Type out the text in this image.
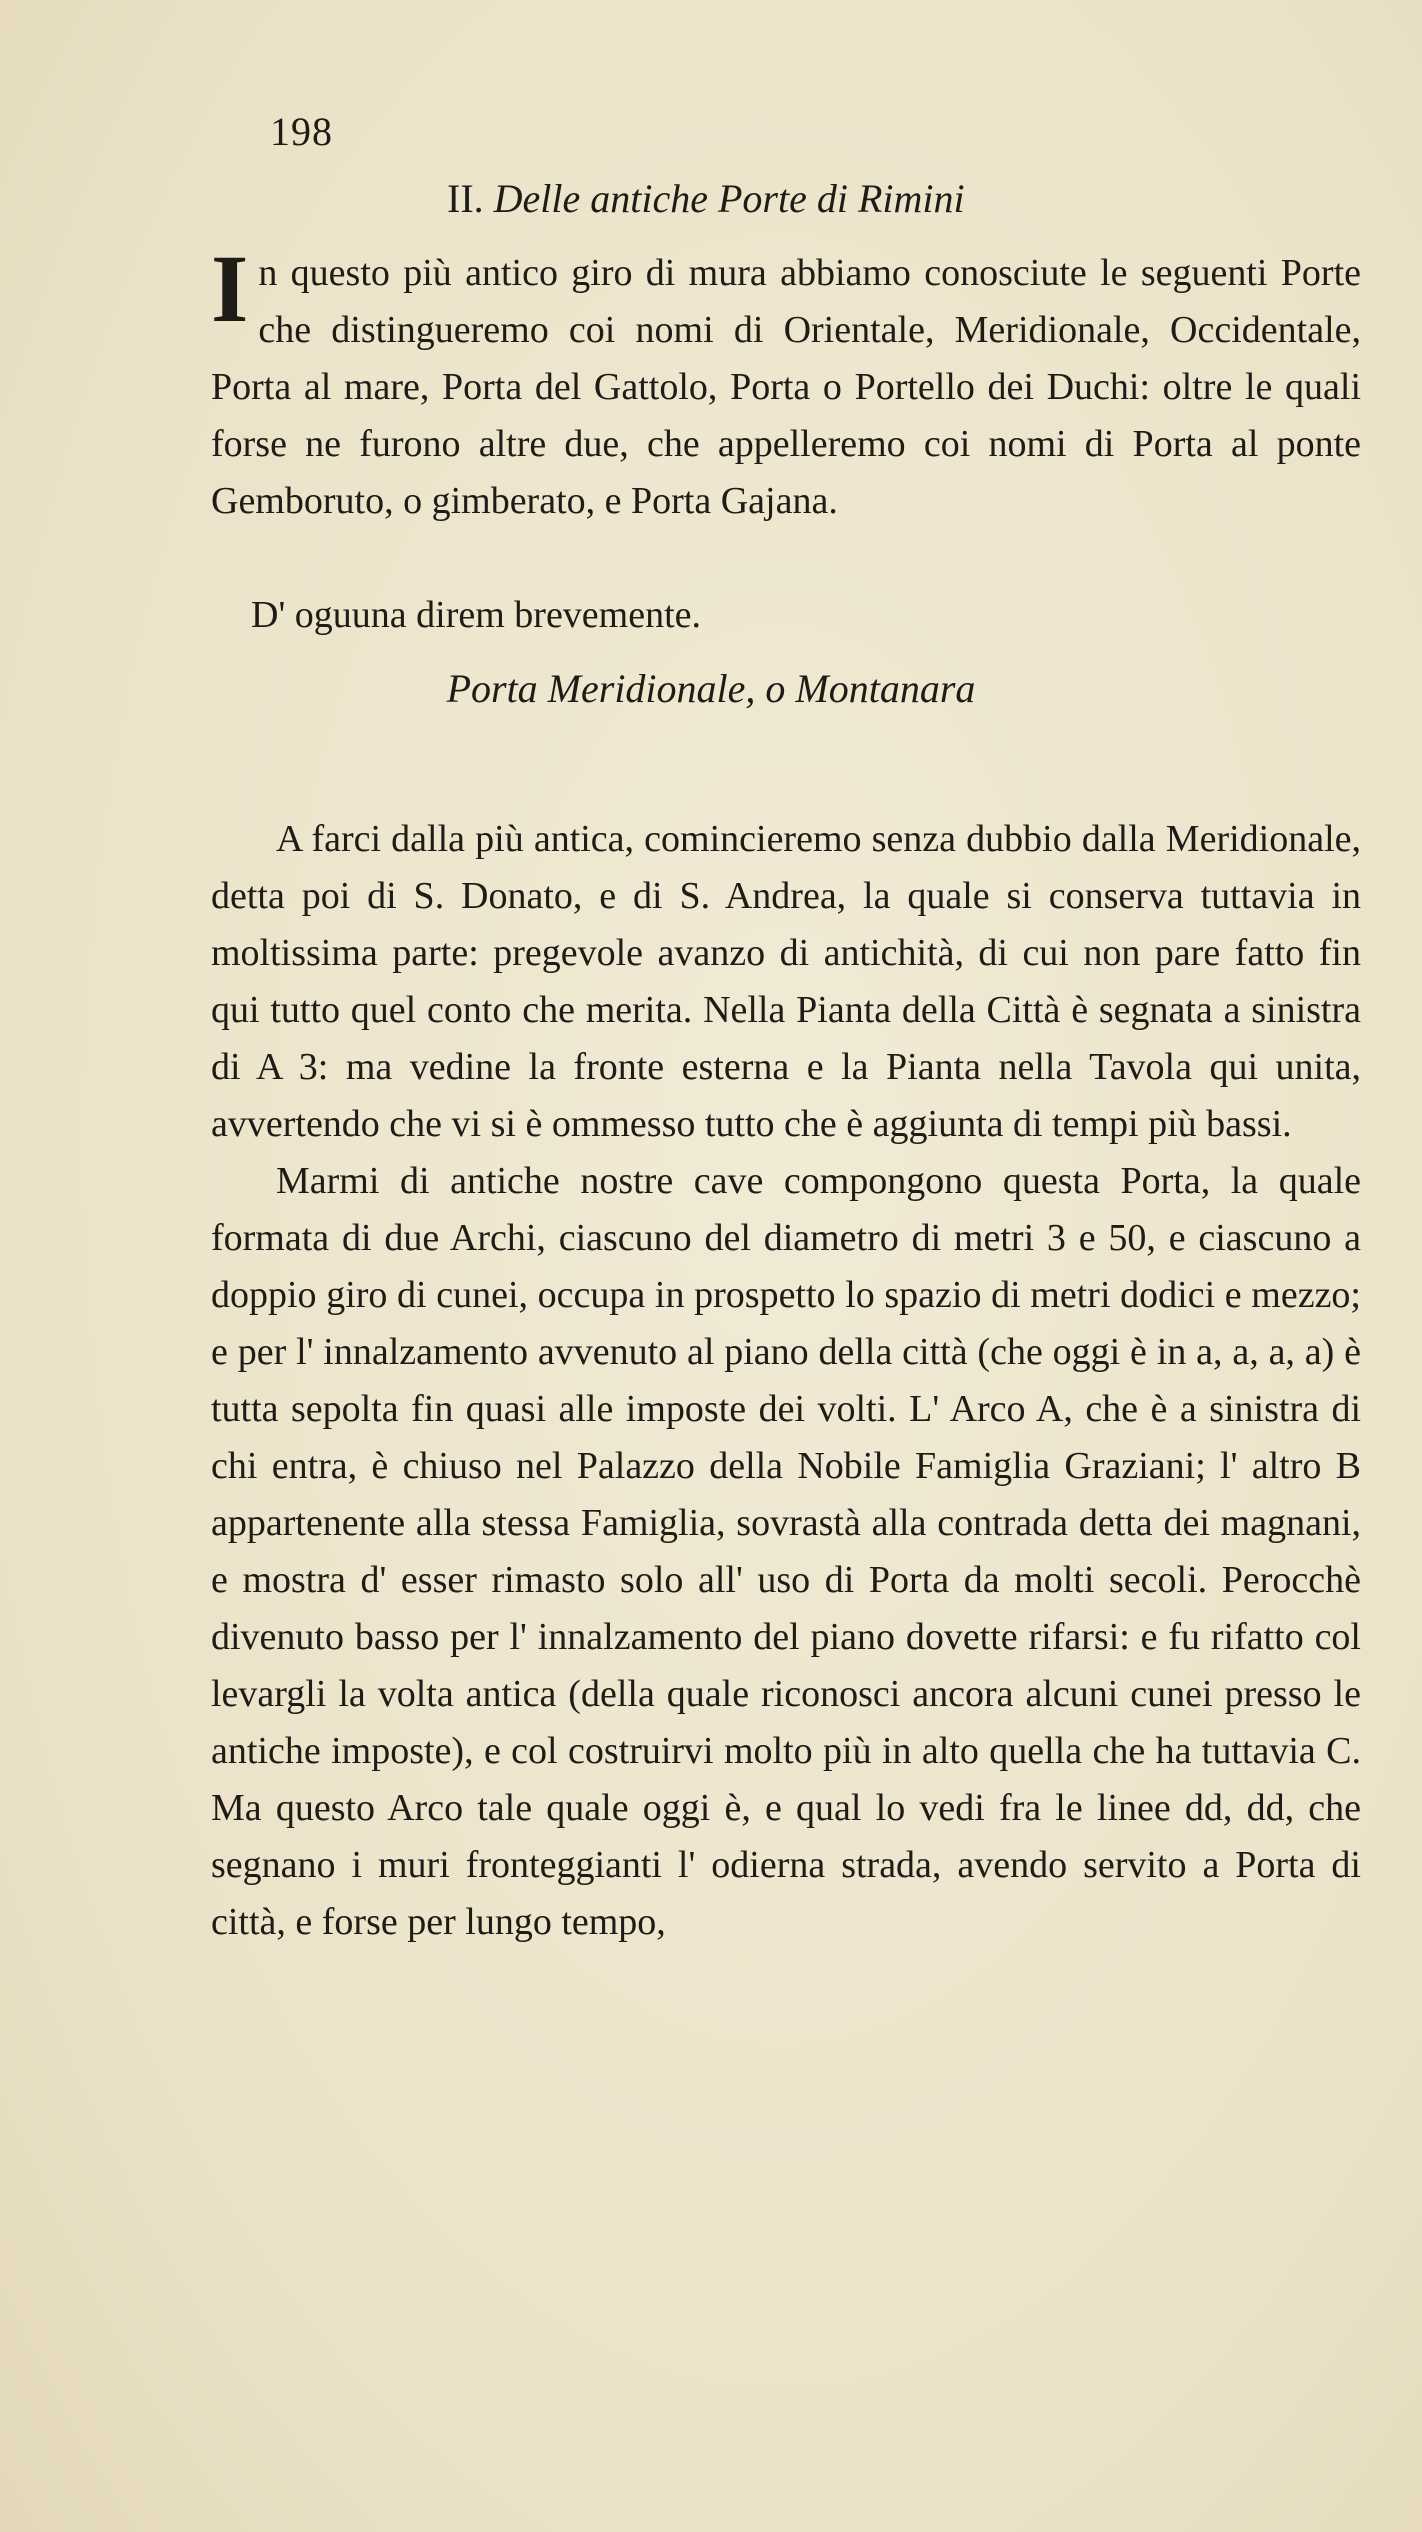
198
II. Delle antiche Porte di Rimini
In questo più antico giro di mura abbiamo conosciute le seguenti Porte che distingueremo coi nomi di Orientale, Meridionale, Occidentale, Porta al mare, Porta del Gattolo, Porta o Portello dei Duchi: oltre le quali forse ne furono altre due, che appelleremo coi nomi di Porta al ponte Gemboruto, o gimberato, e Porta Gajana.
D' oguuna direm brevemente.
Porta Meridionale, o Montanara

A farci dalla più antica, comincieremo senza dubbio dalla Meridionale, detta poi di S. Donato, e di S. Andrea, la quale si conserva tuttavia in moltissima parte: pregevole avanzo di antichità, di cui non pare fatto fin qui tutto quel conto che merita. Nella Pianta della Città è segnata a sinistra di A 3: ma vedine la fronte esterna e la Pianta nella Tavola qui unita, avvertendo che vi si è ommesso tutto che è aggiunta di tempi più bassi.

Marmi di antiche nostre cave compongono questa Porta, la quale formata di due Archi, ciascuno del diametro di metri 3 e 50, e ciascuno a doppio giro di cunei, occupa in prospetto lo spazio di metri dodici e mezzo; e per l' innalzamento avvenuto al piano della città (che oggi è in a, a, a, a) è tutta sepolta fin quasi alle imposte dei volti. L' Arco A, che è a sinistra di chi entra, è chiuso nel Palazzo della Nobile Famiglia Graziani; l' altro B appartenente alla stessa Famiglia, sovrastà alla contrada detta dei magnani, e mostra d' esser rimasto solo all' uso di Porta da molti secoli. Perocchè divenuto basso per l' innalzamento del piano dovette rifarsi: e fu rifatto col levargli la volta antica (della quale riconosci ancora alcuni cunei presso le antiche imposte), e col costruirvi molto più in alto quella che ha tuttavia C. Ma questo Arco tale quale oggi è, e qual lo vedi fra le linee dd, dd, che segnano i muri fronteggianti l' odierna strada, avendo servito a Porta di città, e forse per lungo tempo,
